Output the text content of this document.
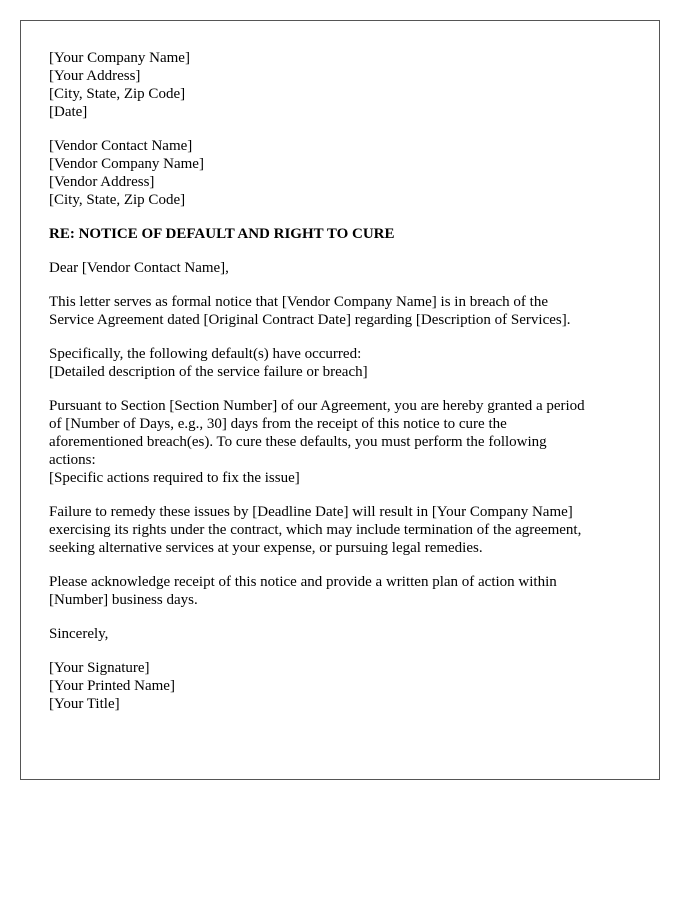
[Your Company Name]
[Your Address]
[City, State, Zip Code]
[Date]
[Vendor Contact Name]
[Vendor Company Name]
[Vendor Address]
[City, State, Zip Code]

RE: NOTICE OF DEFAULT AND RIGHT TO CURE

Dear [Vendor Contact Name],

This letter serves as formal notice that [Vendor Company Name] is in breach of the
Service Agreement dated [Original Contract Date] regarding [Description of Services].

Specifically, the following default(s) have occurred:
[Detailed description of the service failure or breach]

Pursuant to Section [Section Number] of our Agreement, you are hereby granted a period
of [Number of Days, e.g., 30] days from the receipt of this notice to cure the
aforementioned breach(es). To cure these defaults, you must perform the following
actions:
[Specific actions required to fix the issue]

Failure to remedy these issues by [Deadline Date] will result in [Your Company Name]
exercising its rights under the contract, which may include termination of the agreement,
seeking alternative services at your expense, or pursuing legal remedies.

Please acknowledge receipt of this notice and provide a written plan of action within
[Number] business days.

Sincerely,

[Your Signature]
[Your Printed Name]
[Your Title]
